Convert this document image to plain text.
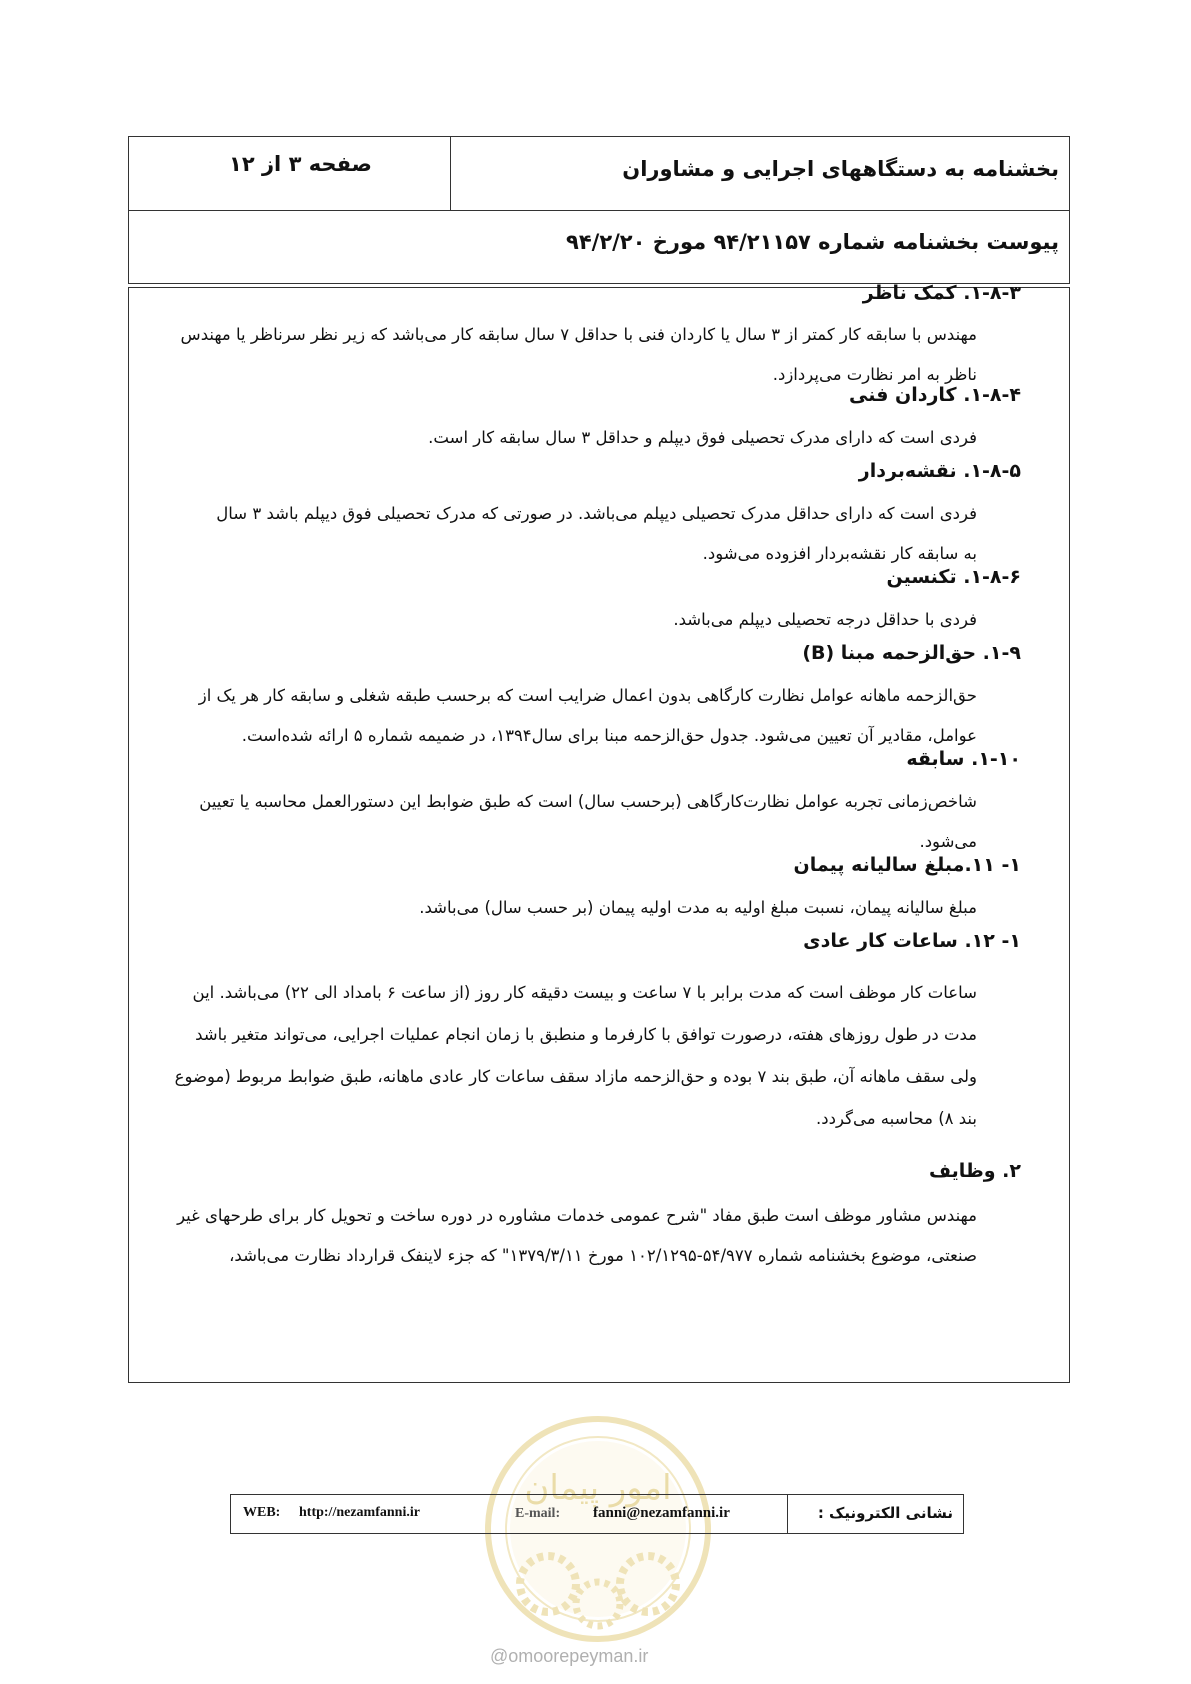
بخشنامه به دستگاههای اجرایی و مشاوران
صفحه ۳ از ۱۲
پیوست بخشنامه شماره ۹۴/۲۱۱۵۷ مورخ ۹۴/۲/۲۰
۱-۸-۳. کمک ناظر
مهندس با سابقه کار کمتر از ۳ سال یا کاردان فنی با حداقل ۷ سال سابقه کار می‌باشد که زیر نظر سرناظر یا مهندس
ناظر به امر نظارت می‌پردازد.
۱-۸-۴. کاردان فنی
فردی است که دارای مدرک تحصیلی فوق دیپلم و حداقل ۳ سال سابقه کار است.
۱-۸-۵. نقشه‌بردار
فردی است که دارای حداقل مدرک تحصیلی دیپلم می‌باشد. در صورتی که مدرک تحصیلی فوق دیپلم باشد ۳ سال
به سابقه کار نقشه‌بردار افزوده می‌شود.
۱-۸-۶. تکنسین
فردی با حداقل درجه تحصیلی دیپلم می‌باشد.
۱-۹. حق‌الزحمه مبنا (B)
حق‌الزحمه ماهانه عوامل نظارت کارگاهی بدون اعمال ضرایب است که برحسب طبقه شغلی و سابقه کار هر یک از
عوامل، مقادیر آن تعیین می‌شود. جدول حق‌الزحمه مبنا برای سال۱۳۹۴، در ضمیمه شماره ۵ ارائه شده‌است.
۱-۱۰. سابقه
شاخص‌زمانی تجربه عوامل نظارت‌کارگاهی (برحسب سال) است که طبق ضوابط این دستورالعمل محاسبه یا تعیین
می‌شود.
۱- ۱۱.مبلغ سالیانه پیمان
مبلغ سالیانه پیمان، نسبت مبلغ اولیه به مدت اولیه پیمان (بر حسب سال) می‌باشد.
۱- ۱۲. ساعات کار عادی
ساعات کار موظف است که مدت برابر با ۷ ساعت و بیست دقیقه کار روز (از ساعت ۶ بامداد الی ۲۲) می‌باشد. این
مدت در طول روزهای هفته، درصورت توافق با کارفرما و منطبق با زمان انجام عملیات اجرایی، می‌تواند متغیر باشد
ولی سقف ماهانه آن، طبق بند ۷ بوده و حق‌الزحمه مازاد سقف ساعات کار عادی ماهانه، طبق ضوابط مربوط (موضوع
بند ۸) محاسبه می‌گردد.
۲. وظایف
مهندس مشاور موظف است طبق مفاد "شرح عمومی خدمات مشاوره در دوره ساخت و تحویل کار برای طرحهای غیر
صنعتی، موضوع بخشنامه شماره ۵۴/۹۷۷-۱۰۲/۱۲۹۵ مورخ ۱۳۷۹/۳/۱۱" که جزء لاینفک قرارداد نظارت می‌باشد،
امور پیمان
نشانی الکترونیک :
E-mail: fanni@nezamfanni.ir
WEB: http://nezamfanni.ir
@omoorepeyman.ir
